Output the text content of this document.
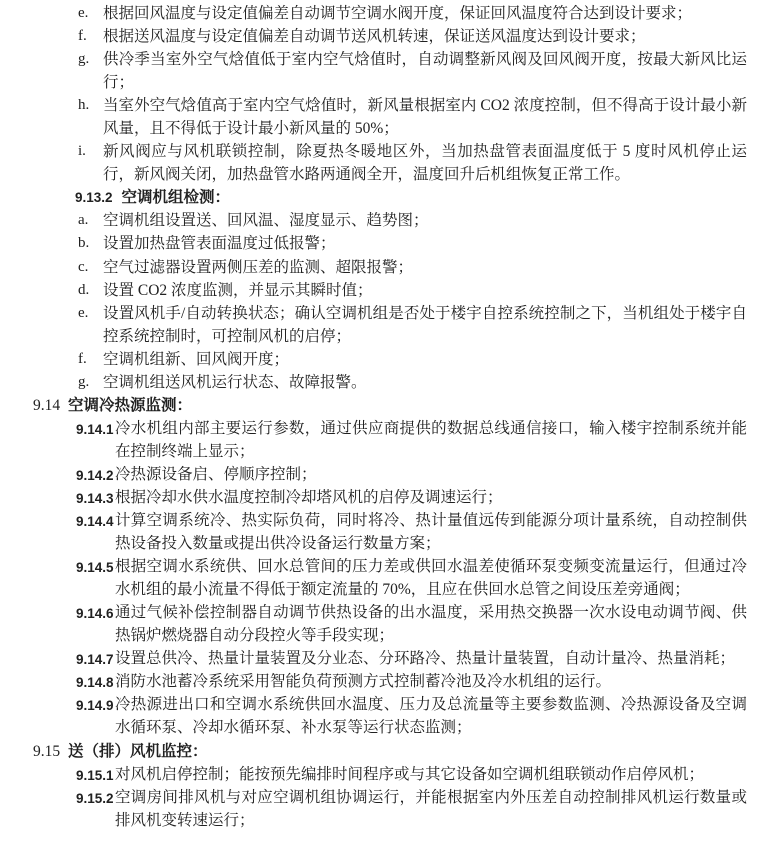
e. 根据回风温度与设定值偏差自动调节空调水阀开度，保证回风温度符合达到设计要求；
f. 根据送风温度与设定值偏差自动调节送风机转速，保证送风温度达到设计要求；
g. 供冷季当室外空气焓值低于室内空气焓值时，自动调整新风阀及回风阀开度，按最大新风比运行；
h. 当室外空气焓值高于室内空气焓值时，新风量根据室内 CO2 浓度控制，但不得高于设计最小新风量，且不得低于设计最小新风量的 50%；
i. 新风阀应与风机联锁控制，除夏热冬暖地区外，当加热盘管表面温度低于 5 度时风机停止运行，新风阀关闭，加热盘管水路两通阀全开，温度回升后机组恢复正常工作。
9.13.2 空调机组检测：
a. 空调机组设置送、回风温、湿度显示、趋势图；
b. 设置加热盘管表面温度过低报警；
c. 空气过滤器设置两侧压差的监测、超限报警；
d. 设置 CO2 浓度监测，并显示其瞬时值；
e. 设置风机手/自动转换状态；确认空调机组是否处于楼宇自控系统控制之下，当机组处于楼宇自控系统控制时，可控制风机的启停；
f. 空调机组新、回风阀开度；
g. 空调机组送风机运行状态、故障报警。
9.14 空调冷热源监测：
9.14.1 冷水机组内部主要运行参数，通过供应商提供的数据总线通信接口，输入楼宇控制系统并能在控制终端上显示；
9.14.2 冷热源设备启、停顺序控制；
9.14.3 根据冷却水供水温度控制冷却塔风机的启停及调速运行；
9.14.4 计算空调系统冷、热实际负荷，同时将冷、热计量值远传到能源分项计量系统，自动控制供热设备投入数量或提出供冷设备运行数量方案；
9.14.5 根据空调水系统供、回水总管间的压力差或供回水温差使循环泵变频变流量运行，但通过冷水机组的最小流量不得低于额定流量的 70%，且应在供回水总管之间设压差旁通阀；
9.14.6 通过气候补偿控制器自动调节供热设备的出水温度，采用热交换器一次水设电动调节阀、供热锅炉燃烧器自动分段控火等手段实现；
9.14.7 设置总供冷、热量计量装置及分业态、分环路冷、热量计量装置，自动计量冷、热量消耗；
9.14.8 消防水池蓄冷系统采用智能负荷预测方式控制蓄冷池及冷水机组的运行。
9.14.9 冷热源进出口和空调水系统供回水温度、压力及总流量等主要参数监测、冷热源设备及空调水循环泵、冷却水循环泵、补水泵等运行状态监测；
9.15 送（排）风机监控：
9.15.1 对风机启停控制；能按预先编排时间程序或与其它设备如空调机组联锁动作启停风机；
9.15.2 空调房间排风机与对应空调机组协调运行，并能根据室内外压差自动控制排风机运行数量或排风机变转速运行；
